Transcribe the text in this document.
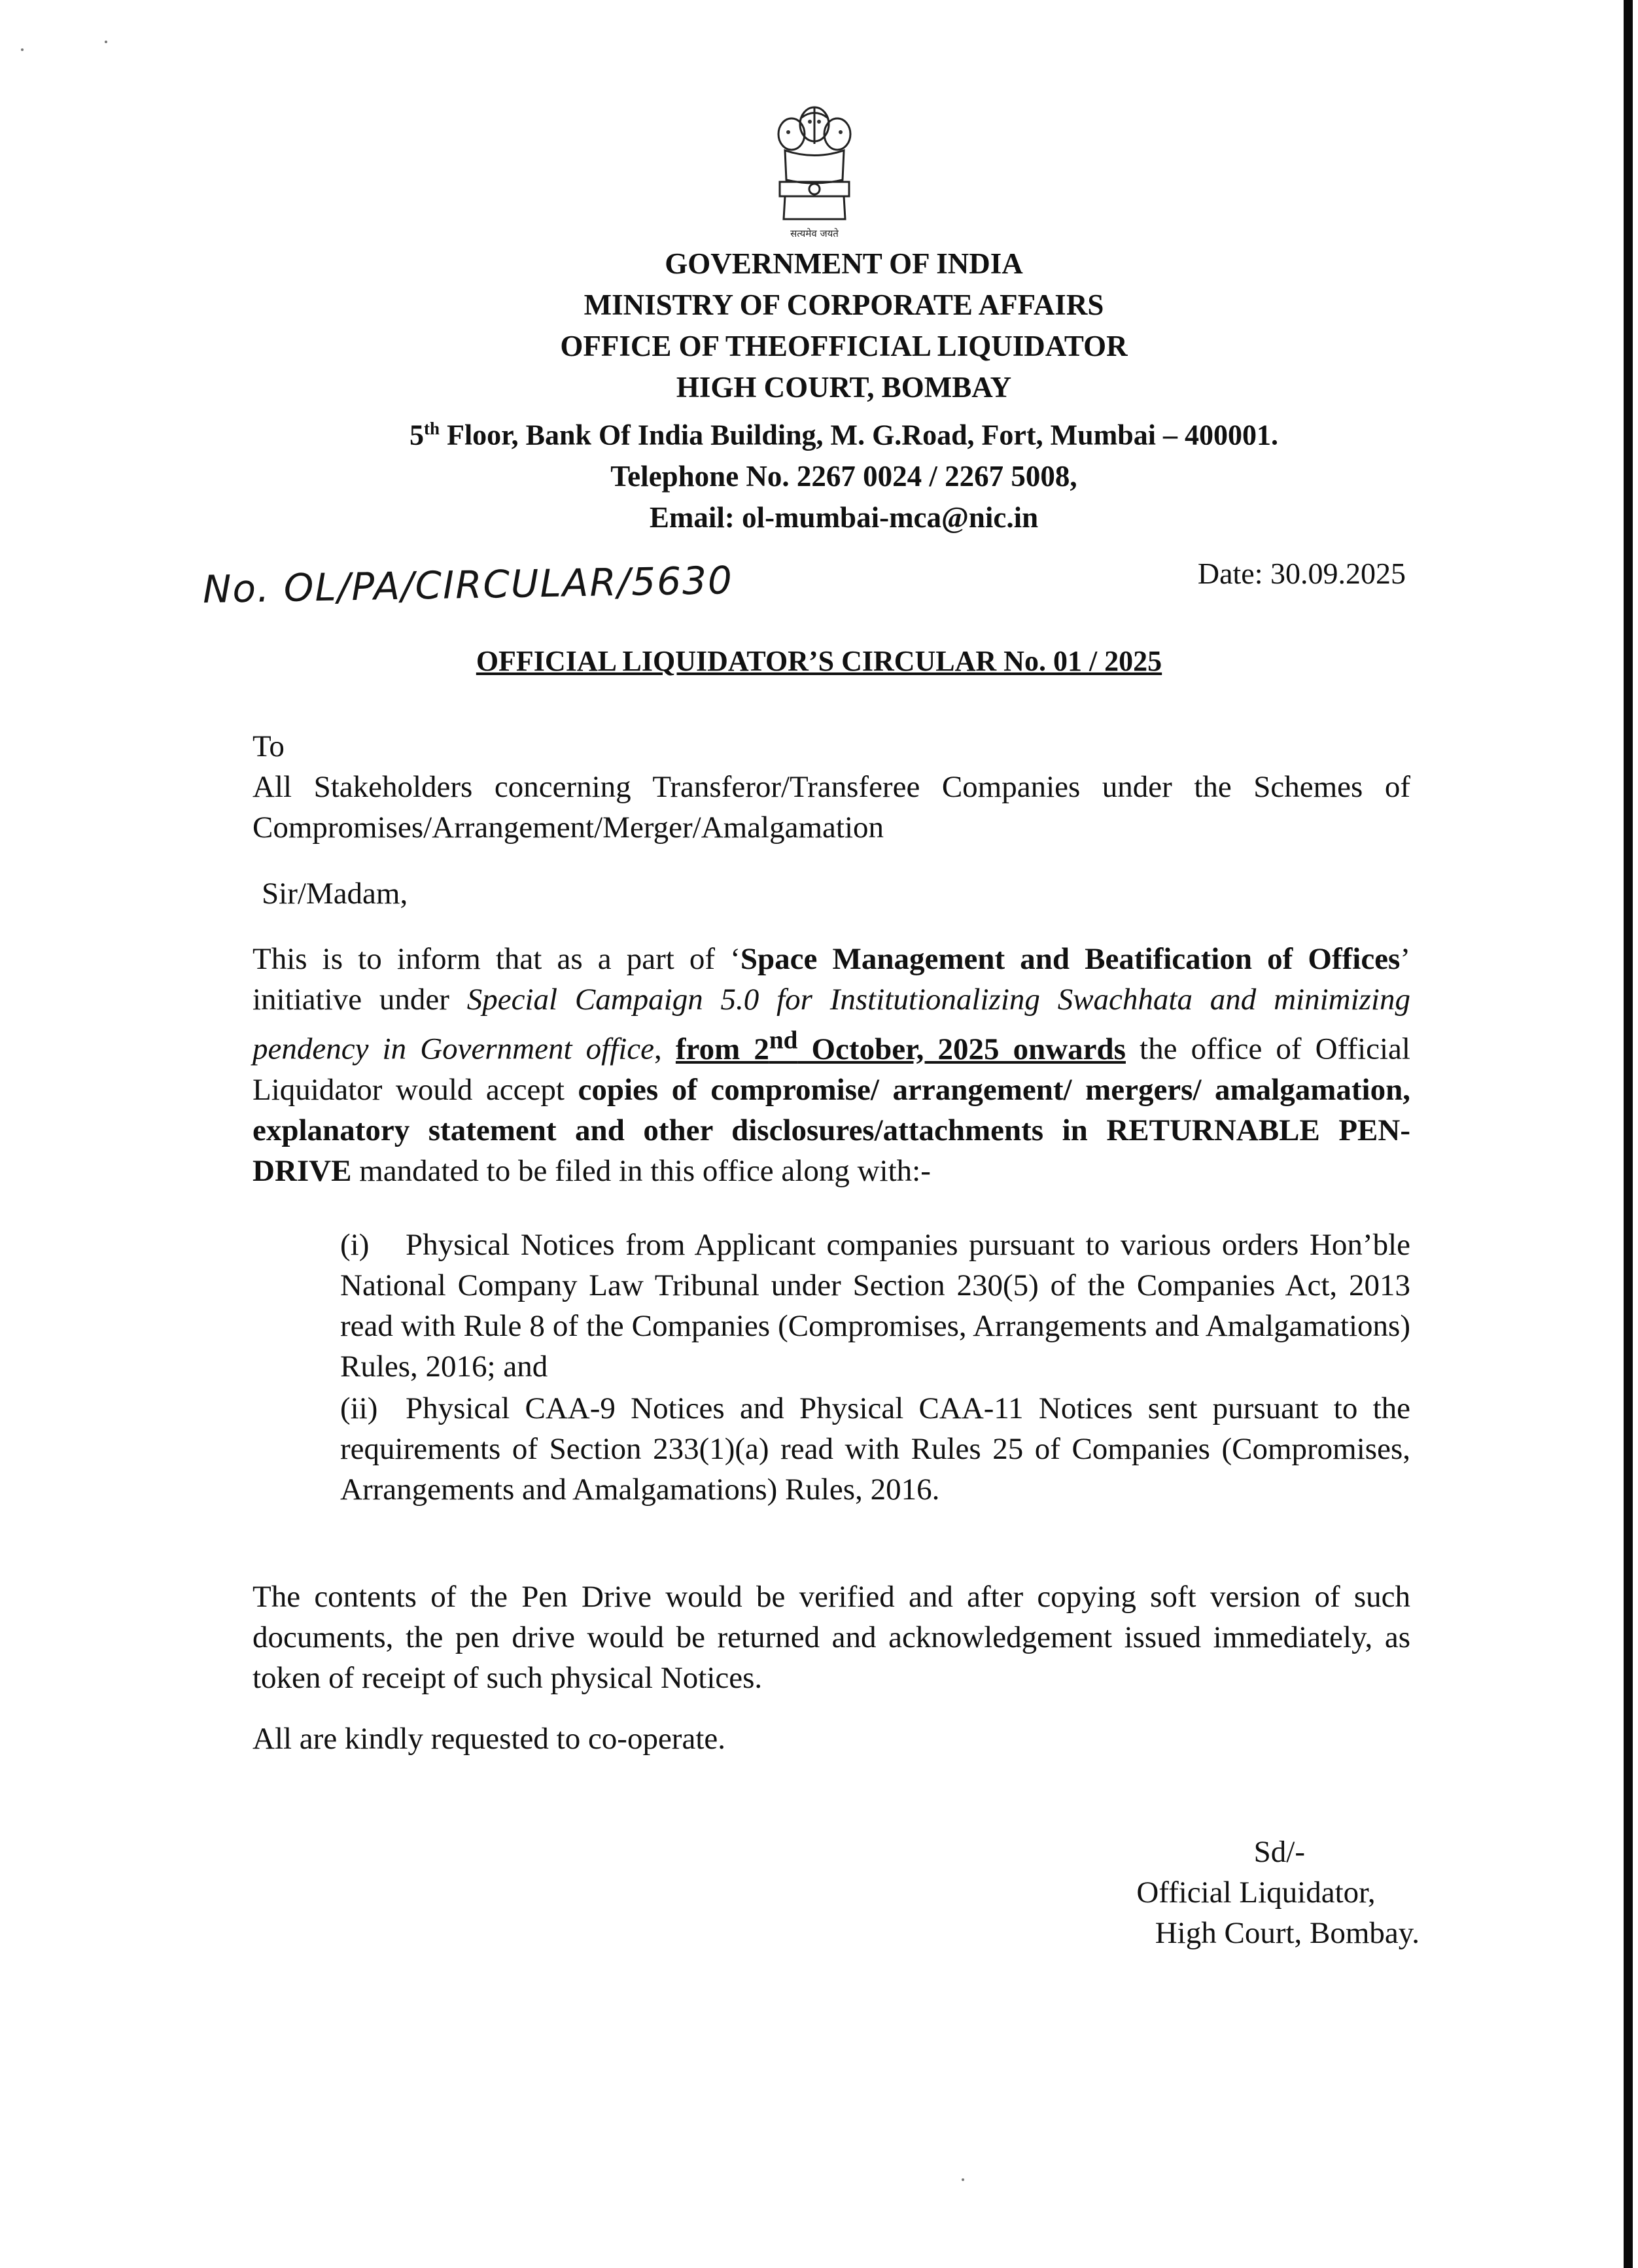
सत्यमेव जयते
GOVERNMENT OF INDIA
MINISTRY OF CORPORATE AFFAIRS
OFFICE OF THEOFFICIAL LIQUIDATOR
HIGH COURT, BOMBAY
5th Floor, Bank Of India Building, M. G.Road, Fort, Mumbai – 400001.
Telephone No. 2267 0024 / 2267 5008,
Email: ol-mumbai-mca@nic.in
No. OL/PA/CIRCULAR/5630	Date: 30.09.2025
OFFICIAL LIQUIDATOR’S CIRCULAR No. 01 / 2025
To
All Stakeholders concerning Transferor/Transferee Companies under the Schemes of Compromises/Arrangement/Merger/Amalgamation
Sir/Madam,
This is to inform that as a part of ‘Space Management and Beatification of Offices’ initiative under Special Campaign 5.0 for Institutionalizing Swachhata and minimizing pendency in Government office, from 2nd October, 2025 onwards the office of Official Liquidator would accept copies of compromise/ arrangement/ mergers/ amalgamation, explanatory statement and other disclosures/attachments in RETURNABLE PEN-DRIVE mandated to be filed in this office along with:-
(i) Physical Notices from Applicant companies pursuant to various orders Hon’ble National Company Law Tribunal under Section 230(5) of the Companies Act, 2013 read with Rule 8 of the Companies (Compromises, Arrangements and Amalgamations) Rules, 2016; and
(ii) Physical CAA-9 Notices and Physical CAA-11 Notices sent pursuant to the requirements of Section 233(1)(a) read with Rules 25 of Companies (Compromises, Arrangements and Amalgamations) Rules, 2016.
The contents of the Pen Drive would be verified and after copying soft version of such documents, the pen drive would be returned and acknowledgement issued immediately, as token of receipt of such physical Notices.
All are kindly requested to co-operate.
Sd/-
Official Liquidator,
High Court, Bombay.
